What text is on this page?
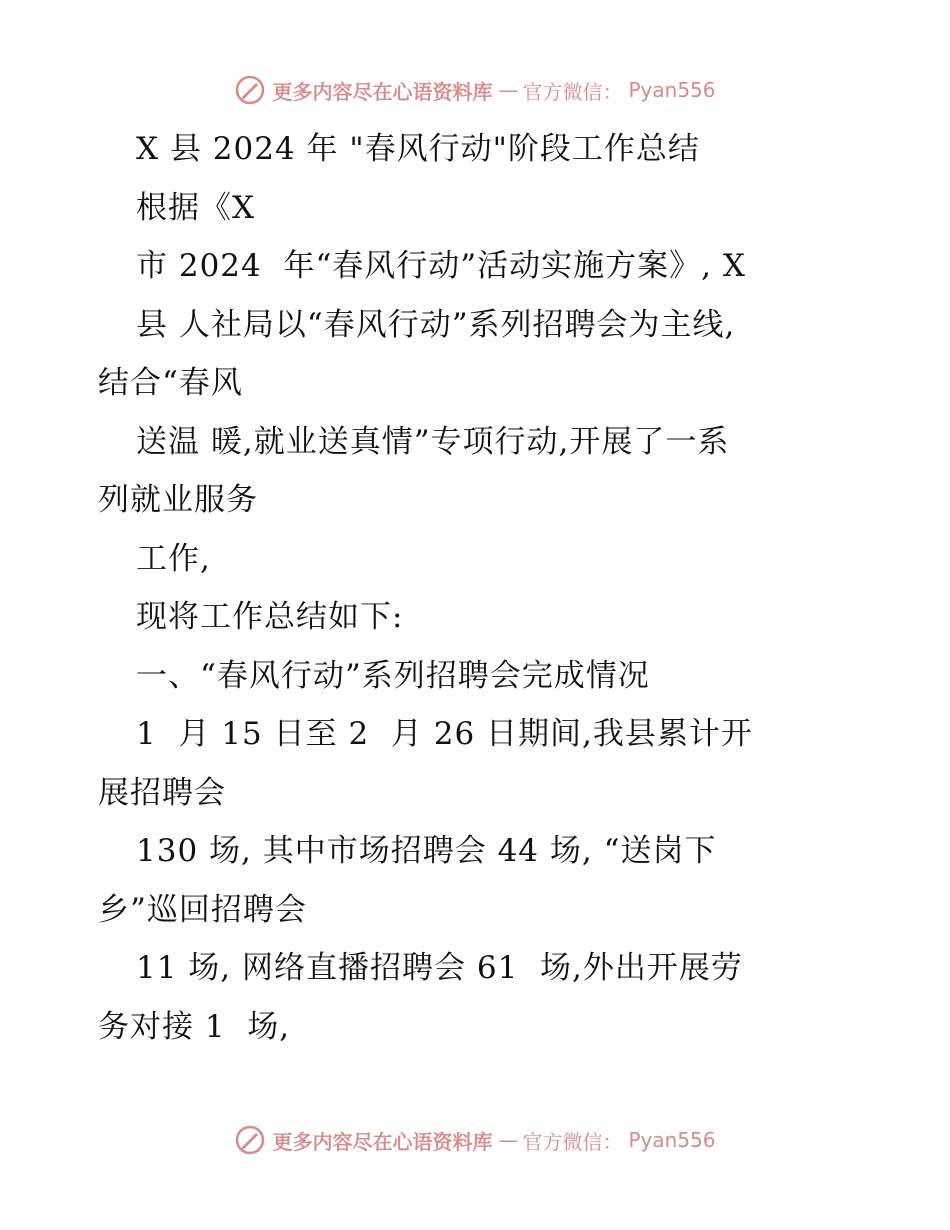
更多内容尽在心语资料库 — 官方微信： Pyan556
X 县 2024 年 "春风行动"阶段工作总结
根据《X
市 2024  年“春风行动”活动实施方案》, X
县 人社局以“春风行动”系列招聘会为主线,
结合“春风
送温 暖,就业送真情”专项行动,开展了一系
列就业服务
工作,
现将工作总结如下:
一、“春风行动”系列招聘会完成情况
1  月 15 日至 2  月 26 日期间,我县累计开
展招聘会
130 场, 其中市场招聘会 44 场, “送岗下
乡”巡回招聘会
11 场, 网络直播招聘会 61  场,外出开展劳
务对接 1  场,
更多内容尽在心语资料库 — 官方微信： Pyan556
